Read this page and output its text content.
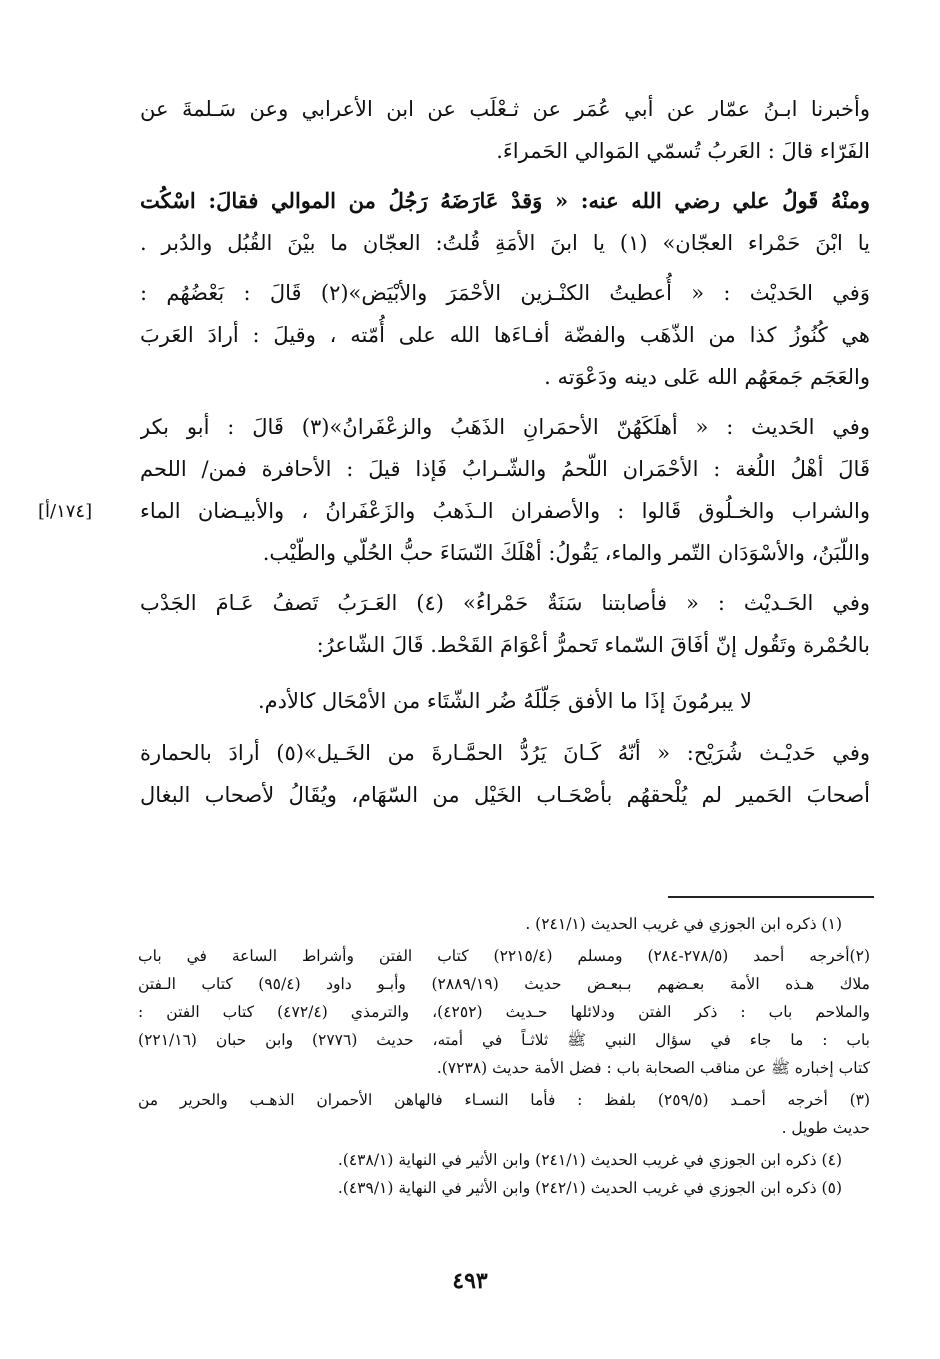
وأخبرنا ابـنُ عمّار عن أبي عُمَر عن ثـعْلَب عن ابن الأعرابي وعن سَـلمةَ عن
الفَرّاء قالَ : العَربُ تُسمّي المَوالي الحَمراءَ.
ومنْهُ قَولُ علي رضي الله عنه: « وَقدْ عَارَضَهُ رَجُلُ من الموالي فقالَ: اسْكُت
يا ابْنَ حَمْراء العجّان» (١) يا ابنَ الأمَةِ قُلتُ: العجّان ما بيْنَ القُبُل والدُبر .
وَفي الحَديْث : « أُعطيتُ الكنْـزين الأحْمَرَ والأبْيَض»(٢) قَالَ : بَعْضُهُم :
هي كُنُوزُ كذا من الذّهَب والفضّة أفـاءَها الله على أُمّته ، وقيلَ : أرادَ العَربَ
والعَجَم جَمعَهُم الله عَلى دينه ودَعْوَته .
وفي الحَديث : « أهلَكَهُنّ الأحمَرانِ الذَهَبُ والزعْفَرانُ»(٣) قَالَ : أبو بكر
قَالَ أهْلُ اللُغة : الأحْمَران اللّحمُ والشّـرابُ فَإذا قيلَ : الأحافرة فمن/ اللحم
والشراب والخـلُوق قَالوا : والأصفران الـذَهبُ والزَعْفَرانُ ، والأبيـضان الماء
واللّبَنُ، والأسْوَدَان التّمر والماء، يَقُولُ: أهْلَكَ النّسَاءَ حبُّ الحُلّي والطّيْب.
وفي الحَـديْث : « فأصابتنا سَنَةٌ حَمْراءُ» (٤) العَـرَبُ تَصفُ عَـامَ الجَدْب
بالحُمْرة وتَقُول إنّ أفَاقَ السّماء تَحمرُّ أعْوَامَ القَحْط. قَالَ الشّاعرُ:
لا يبرمُونَ إذَا ما الأفق جَلّلَهُ ضُر الشّتَاء من الأمْحَال كالأدم.
وفي حَديْـث شُرَيْح: « أنّهُ كَـانَ يَرُدُّ الحمَّـارةَ من الخَـيل»(٥) أرادَ بالحمارة
أصحابَ الحَمير لم يُلْحقهُم بأصْحَـاب الخَيْل من السّهَام، ويُقَالُ لأصحاب البغال
[١٧٤/أ]
(١) ذكره ابن الجوزي في غريب الحديث (٢٤١/١) .
(٢)أخرجه أحمد (٢٧٨/٥-٢٨٤) ومسلم (٢٢١٥/٤) كتاب الفتن وأشراط الساعة في باب
ملاك هـذه الأمة بعـضهم بـبعـض حديث (٢٨٨٩/١٩) وأبـو داود (٩٥/٤) كتاب الـفتن
والملاحم باب : ذكر الفتن ودلائلها حـديث (٤٢٥٢)، والترمذي (٤٧٢/٤) كتاب الفتن :
باب : ما جاء في سؤال النبي ﷺ ثلاثـاً في أمته، حديث (٢٧٧٦) وابن حبان (٢٢١/١٦)
كتاب إخباره ﷺ عن مناقب الصحابة باب : فضل الأمة حديث (٧٢٣٨).
(٣) أخرجه أحمـد (٢٥٩/٥) بلفظ : فأما النسـاء فالهاهن الأحمران الذهـب والحرير من
حديث طويل .
(٤) ذكره ابن الجوزي في غريب الحديث (٢٤١/١) وابن الأثير في النهاية (٤٣٨/١).
(٥) ذكره ابن الجوزي في غريب الحديث (٢٤٢/١) وابن الأثير في النهاية (٤٣٩/١).
٤٩٣
